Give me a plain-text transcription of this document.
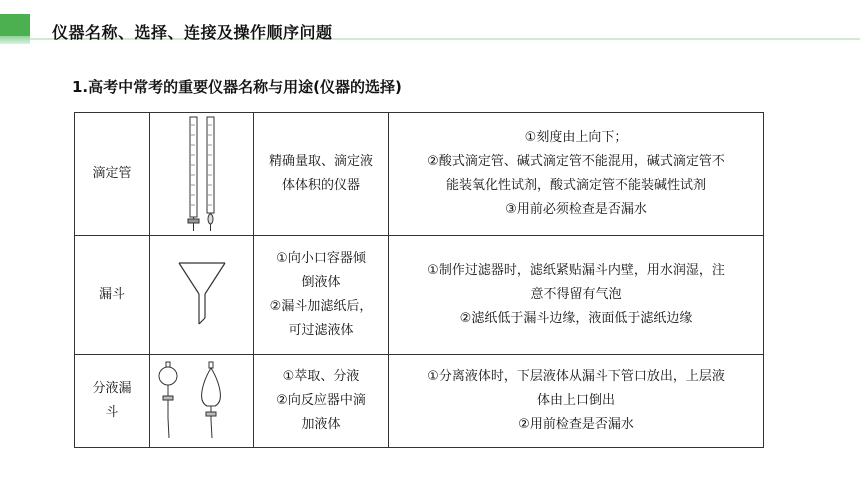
仪器名称、选择、连接及操作顺序问题
1.高考中常考的重要仪器名称与用途(仪器的选择)
滴定管		精确量取、滴定液
体体积的仪器	①刻度由上向下；
②酸式滴定管、碱式滴定管不能混用，碱式滴定管不
能装氧化性试剂，酸式滴定管不能装碱性试剂
③用前必须检查是否漏水

漏斗		①向小口容器倾
倒液体
②漏斗加滤纸后，
可过滤液体	①制作过滤器时，滤纸紧贴漏斗内壁，用水润湿，注
意不得留有气泡
②滤纸低于漏斗边缘，液面低于滤纸边缘

分液漏
斗		①萃取、分液
②向反应器中滴
加液体	①分离液体时，下层液体从漏斗下管口放出，上层液
体由上口倒出
②用前检查是否漏水
